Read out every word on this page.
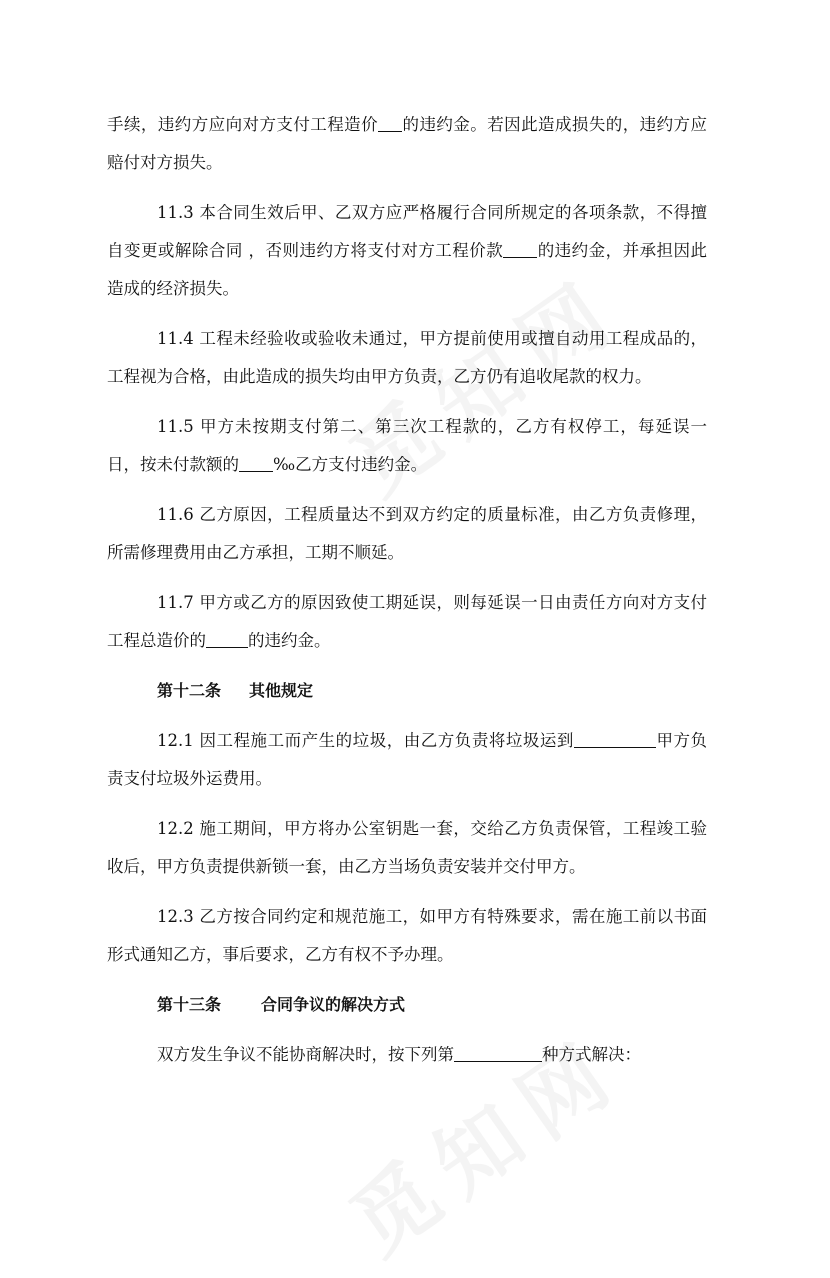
手续，违约方应向对方支付工程造价 的违约金。若因此造成损失的，违约方应赔付对方损失。

11.3 本合同生效后甲、乙双方应严格履行合同所规定的各项条款，不得擅自变更或解除合同 ，否则违约方将支付对方工程价款 的违约金，并承担因此造成的经济损失。

11.4 工程未经验收或验收未通过，甲方提前使用或擅自动用工程成品的，工程视为合格，由此造成的损失均由甲方负责，乙方仍有追收尾款的权力。

11.5 甲方未按期支付第二、第三次工程款的，乙方有权停工，每延误一日，按未付款额的 ‰乙方支付违约金。

11.6 乙方原因，工程质量达不到双方约定的质量标准，由乙方负责修理，所需修理费用由乙方承担，工期不顺延。

11.7 甲方或乙方的原因致使工期延误，则每延误一日由责任方向对方支付工程总造价的	的违约金。

第十二条 其他规定

12.1 因工程施工而产生的垃圾，由乙方负责将垃圾运到	甲方负责支付垃圾外运费用。

12.2 施工期间，甲方将办公室钥匙一套，交给乙方负责保管，工程竣工验收后，甲方负责提供新锁一套，由乙方当场负责安装并交付甲方。

12.3 乙方按合同约定和规范施工，如甲方有特殊要求，需在施工前以书面形式通知乙方，事后要求，乙方有权不予办理。

第十三条	合同争议的解决方式

双方发生争议不能协商解决时，按下列第	种方式解决：
